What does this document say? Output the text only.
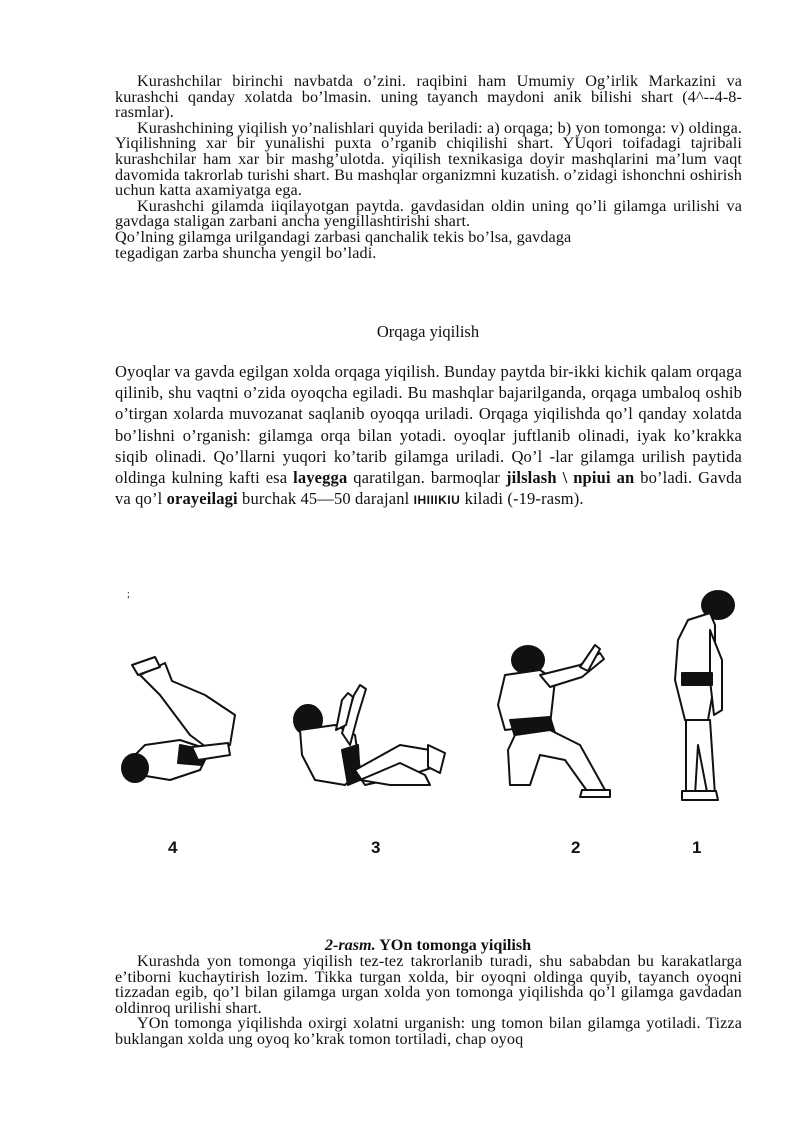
Kurashchilar birinchi navbatda o’zini. raqibini ham Umumiy Og’irlik Markazini va kurashchi qanday xolatda bo’lmasin. uning tayanch maydoni anik bilishi shart (4^--4-8-rasmlar).

Kurashchining yiqilish yo’nalishlari quyida beriladi: a) orqaga; b) yon tomonga: v) oldinga. Yiqilishning xar bir yunalishi puxta o’rganib chiqilishi shart. YUqori toifadagi tajribali kurashchilar ham xar bir mashg’ulotda. yiqilish texnikasiga doyir mashqlarini ma’lum vaqt davomida takrorlab turishi shart. Bu mashqlar organizmni kuzatish. o’zidagi ishonchni oshirish uchun katta axamiyatga ega.

Kurashchi gilamda iiqilayotgan paytda. gavdasidan oldin uning qo’li gilamga urilishi va gavdaga staligan zarbani ancha yengillashtirishi shart.

Qo’lning gilamga urilgandagi zarbasi qanchalik tekis bo’lsa, gavdaga

tegadigan zarba shuncha yengil bo’ladi.

Orqaga yiqilish

Oyoqlar va gavda egilgan xolda orqaga yiqilish. Bunday paytda bir-ikki kichik qalam orqaga qilinib, shu vaqtni o’zida oyoqcha egiladi. Bu mashqlar bajarilganda, orqaga umbaloq oshib o’tirgan xolarda muvozanat saqlanib oyoqqa uriladi. Orqaga yiqilishda qo’l qanday xolatda bo’lishni o’rganish: gilamga orqa bilan yotadi. oyoqlar juftlanib olinadi, iyak ko’krakka siqib olinadi. Qo’llarni yuqori ko’tarib gilamga uriladi. Qo’l -lar gilamga urilish paytida oldinga kulning kafti esa layegga qaratilgan. barmoqlar jilslash \ npiui an bo’ladi. Gavda va qo’l orayeilagi burchak 45—50 darajanl IHIIIKIU kiladi (-19-rasm).

;
4	3	2	1
2-rasm. YOn tomonga yiqilish

Kurashda yon tomonga yiqilish tez-tez takrorlanib turadi, shu sababdan bu karakatlarga e’tiborni kuchaytirish lozim. Tikka turgan xolda, bir oyoqni oldinga quyib, tayanch oyoqni tizzadan egib, qo’l bilan gilamga urgan xolda yon tomonga yiqilishda qo’l gilamga gavdadan oldinroq urilishi shart.

YOn tomonga yiqilishda oxirgi xolatni urganish: ung tomon bilan gilamga yotiladi. Tizza buklangan xolda ung oyoq ko’krak tomon tortiladi, chap oyoq
